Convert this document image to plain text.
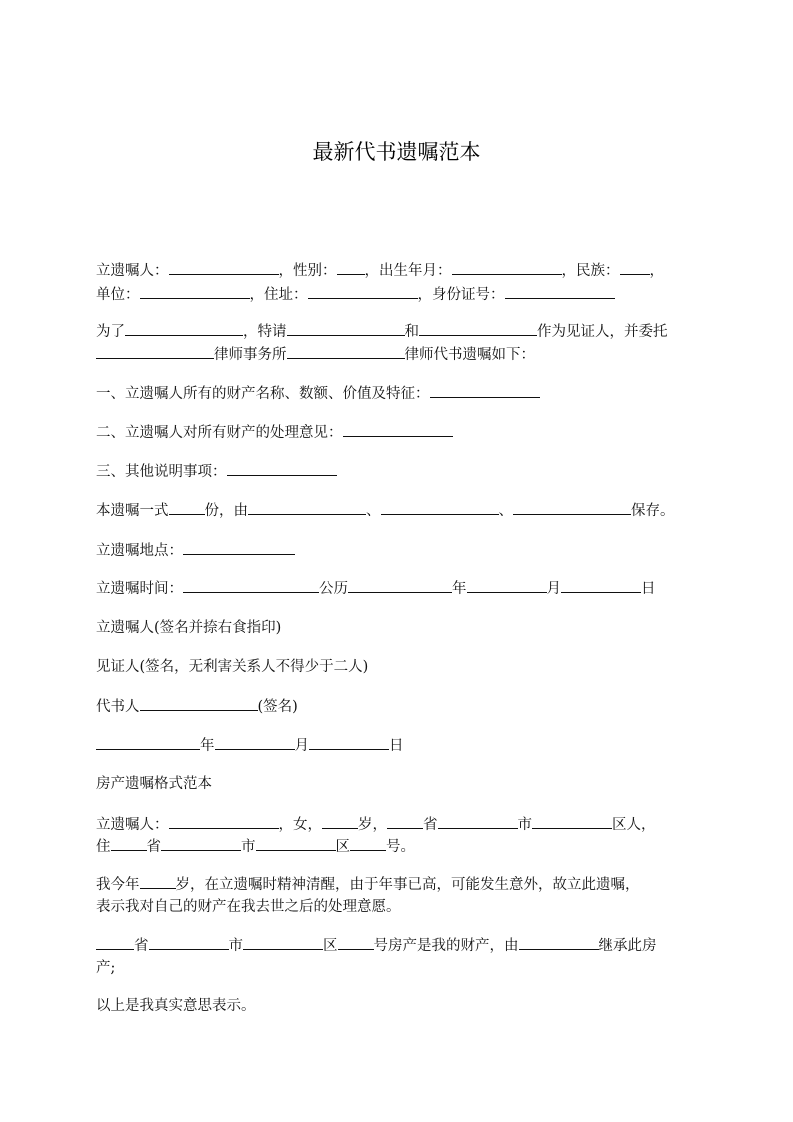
最新代书遗嘱范本

立遗嘱人：	，性别： ，出生年月：	，民族： ，

单位：	，住址：	，身份证号：

为了	，特请	和	作为见证人，并委托

律师事务所	律师代书遗嘱如下：

一、立遗嘱人所有的财产名称、数额、价值及特征：

二、立遗嘱人对所有财产的处理意见：

三、其他说明事项：

本遗嘱一式 份，由	、	、	保存。

立遗嘱地点：

立遗嘱时间：	公历	年	月	日

立遗嘱人(签名并捺右食指印)

见证人(签名，无利害关系人不得少于二人)

代书人	(签名)

年	月	日

房产遗嘱格式范本

立遗嘱人：	，女， 岁， 省	市	区人，

住 省	市	区 号。

我今年 岁，在立遗嘱时精神清醒，由于年事已高，可能发生意外，故立此遗嘱，

表示我对自己的财产在我去世之后的处理意愿。

省	市	区 号房产是我的财产，由	继承此房

产;

以上是我真实意思表示。
